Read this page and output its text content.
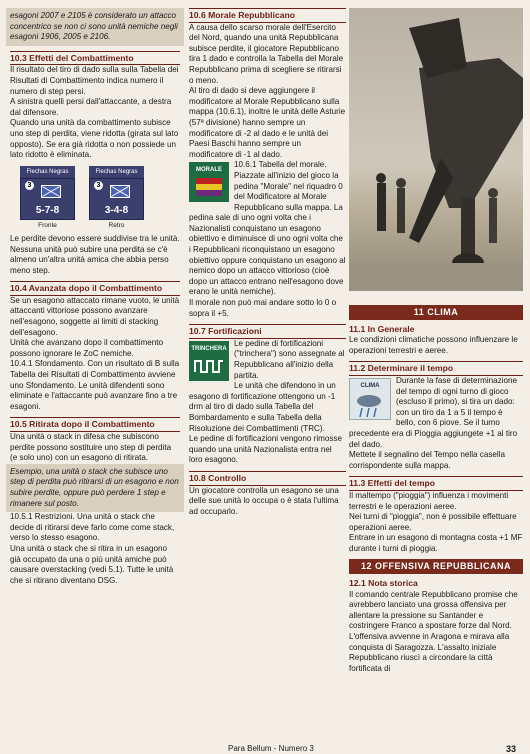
esagoni 2007 e 2105 è considerato un attacco concentrico se non ci sono unità nemiche negli esagoni 1906, 2005 e 2106.

10.3 Effetti del Combattimento

Il risultato del tiro di dado sulla sulla Tabella dei Risultati di Combattimento indica numero il numero di step persi.

A sinistra quelli persi dall'attaccante, a destra dal difensore.

Quando una unità da combattimento subisce uno step di perdita, viene ridotta (girata sul lato opposto). Se era già ridotta o non possiede un lato ridotto è eliminata.

Flechas Negras
3
5-7-8
Fronte
Flechas Negras
3
3-4-8
Retro

Le perdite devono essere suddivise tra le unità.

Nessuna unità può subire una perdita se c'è almeno un'altra unità amica che abbia perso meno step.

10.4 Avanzata dopo il Combattimento

Se un esagono attaccato rimane vuoto, le unità attaccanti vittoriose possono avanzare nell'esagono, soggette ai limiti di stacking dell'esagono.

Unità che avanzano dopo il combattimento possono ignorare le ZoC nemiche.

10.4.1 Sfondamento. Con un risultato di B sulla Tabella dei Risultati di Combattimento avviene uno Sfondamento. Le unità difendenti sono eliminate e l'attaccante può avanzare fino a tre esagoni.

10.5 Ritirata dopo il Combattimento

Una unità o stack in difesa che subiscono perdite possono sostituire uno step di perdita (e solo uno) con un esagono di ritirata.

Esempio, una unità o stack che subisce uno step di perdita può ritirarsi di un esagono e non subire perdite, oppure può perdere 1 step e rimanere sul posto.

10.5.1 Restrizioni. Una unità o stack che decide di ritirarsi deve farlo come come stack, verso lo stesso esagono.

Una unità o stack che si ritira in un esagono già occupato da una o più unità amiche può causare overstacking (vedi 5.1). Tutte le unità che si ritirano diventano DSG.

10.6 Morale Repubblicano

A causa dello scarso morale dell'Esercito del Nord, quando una unità Repubblicana subisce perdite, il giocatore Repubblicano tira 1 dado e controlla la Tabella del Morale Repubblicano prima di scegliere se ritirarsi o meno.

Al tiro di dado si deve aggiungere il modificatore al Morale Repubblicano sulla mappa (10.6.1), inoltre le unità delle Asturie (57ª divisione) hanno sempre un modificatore di -2 al dado e le unità dei Paesi Baschi hanno sempre un modificatore di -1 al dado.

MORALE

10.6.1 Tabella del morale. Piazzate all'inizio del gioco la pedina "Morale" nel riquadro 0 del Modificatore al Morale Repubblicano sulla mappa. La pedina sale di uno ogni volta che i Nazionalisti conquistano un esagono obiettivo e diminuisce di uno ogni volta che i Repubblicani riconquistano un esagono obiettivo oppure conquistano un esagono al nemico dopo un attacco vittorioso (cioè dopo un attacco entrano nell'esagono dove erano le unità nemiche).

Il morale non può mai andare sotto lo 0 o sopra il +5.

10.7 Fortificazioni
TRINCHERA

Le pedine di fortificazioni ("trinchera") sono assegnate al Repubblicano all'inizio della partita.

Le unità che difendono in un esagono di fortificazione ottengono un -1 drm al tiro di dado sulla Tabella del Bombardamento e sulla Tabella della Risoluzione dei Combattimenti (TRC).

Le pedine di fortificazioni vengono rimosse quando una unità Nazionalista entra nel loro esagono.

10.8 Controllo

Un giocatore controlla un esagono se una delle sue unità lo occupa o è stata l'ultima ad occuparlo.

11 CLIMA
11.1 In Generale

Le condizioni climatiche possono influenzare le operazioni terrestri e aeree.

11.2 Determinare il tempo
CLIMA

Durante la fase di determinazione del tempo di ogni turno di gioco (escluso il primo), si tira un dado: con un tiro da 1 a 5 il tempo è bello, con 6 piove. Se il turno precedente era di Pioggia aggiungete +1 al tiro del dado.

Mettete il segnalino del Tempo nella casella corrispondente sulla mappa.

11.3 Effetti del tempo

Il maltempo ("pioggia") influenza i movimenti terrestri e le operazioni aeree.

Nei turni di "pioggia", non è possibile effettuare operazioni aeree.

Entrare in un esagono di montagna costa +1 MF durante i turni di pioggia.

12 OFFENSIVA REPUBBLICANA
12.1 Nota storica

Il comando centrale Repubblicano promise che avrebbero lanciato una grossa offensiva per allentare la pressione su Santander e costringere Franco a spostare forze dal Nord. L'offensiva avvenne in Aragona e mirava alla conquista di Saragozza. L'assalto iniziale Repubblicano riuscì a circondare la città fortificata di

Para Bellum - Numero 3	33
